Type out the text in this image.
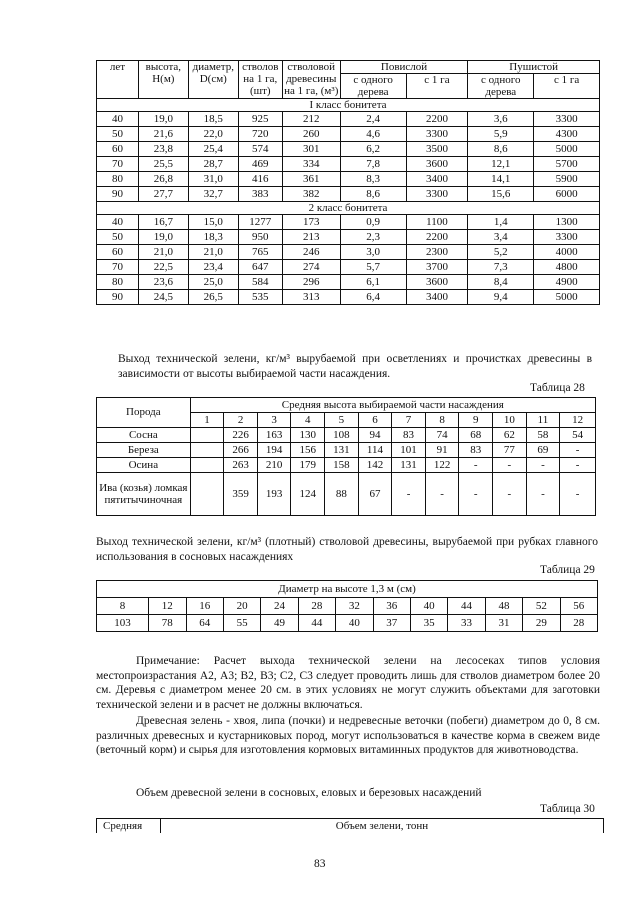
лет	высота, Н(м)	диаметр, D(см)	стволов на 1 га, (шт)	стволовой древесины на 1 га, (м³)	Повислой		Пушистой	
					с одного дерева	с 1 га	с одного дерева	с 1 га
I класс бонитета								
40	19,0	18,5	925	212	2,4	2200	3,6	3300
50	21,6	22,0	720	260	4,6	3300	5,9	4300
60	23,8	25,4	574	301	6,2	3500	8,6	5000
70	25,5	28,7	469	334	7,8	3600	12,1	5700
80	26,8	31,0	416	361	8,3	3400	14,1	5900
90	27,7	32,7	383	382	8,6	3300	15,6	6000
2 класс бонитета								
40	16,7	15,0	1277	173	0,9	1100	1,4	1300
50	19,0	18,3	950	213	2,3	2200	3,4	3300
60	21,0	21,0	765	246	3,0	2300	5,2	4000
70	22,5	23,4	647	274	5,7	3700	7,3	4800
80	23,6	25,0	584	296	6,1	3600	8,4	4900
90	24,5	26,5	535	313	6,4	3400	9,4	5000

Выход технической зелени, кг/м³ вырубаемой при осветлениях и прочистках древесины в зависимости от высоты выбираемой части насаждения.

Таблица 28

Порода	Средняя высота выбираемой части насаждения											
	1	2	3	4	5	6	7	8	9	10	11	12
Сосна		226	163	130	108	94	83	74	68	62	58	54
Береза		266	194	156	131	114	101	91	83	77	69	-
Осина		263	210	179	158	142	131	122	-	-	-	-
Ива (козья) ломкая пятитычиночная		359	193	124	88	67	-	-	-	-	-	-

Выход технической зелени, кг/м³ (плотный) стволовой древесины, вырубаемой при рубках главного использования в сосновых насаждениях

Таблица 29

Диаметр на высоте 1,3 м (см)												
8	12	16	20	24	28	32	36	40	44	48	52	56
103	78	64	55	49	44	40	37	35	33	31	29	28

Примечание: Расчет выхода технической зелени на лесосеках типов условия местопроизрастания А2, А3; В2, В3; С2, С3 следует проводить лишь для стволов диаметром более 20 см. Деревья с диаметром менее 20 см. в этих условиях не могут служить объектами для заготовки технической зелени и в расчет не должны включаться.

Древесная зелень - хвоя, липа (почки) и недревесные веточки (побеги) диаметром до 0, 8 см. различных древесных и кустарниковых пород, могут использоваться в качестве корма в свежем виде (веточный корм) и сырья для изготовления кормовых витаминных продуктов для животноводства.

Объем древесной зелени в сосновых, еловых и березовых насаждений

Таблица 30

Средняя	Объем зелени, тонн

83
